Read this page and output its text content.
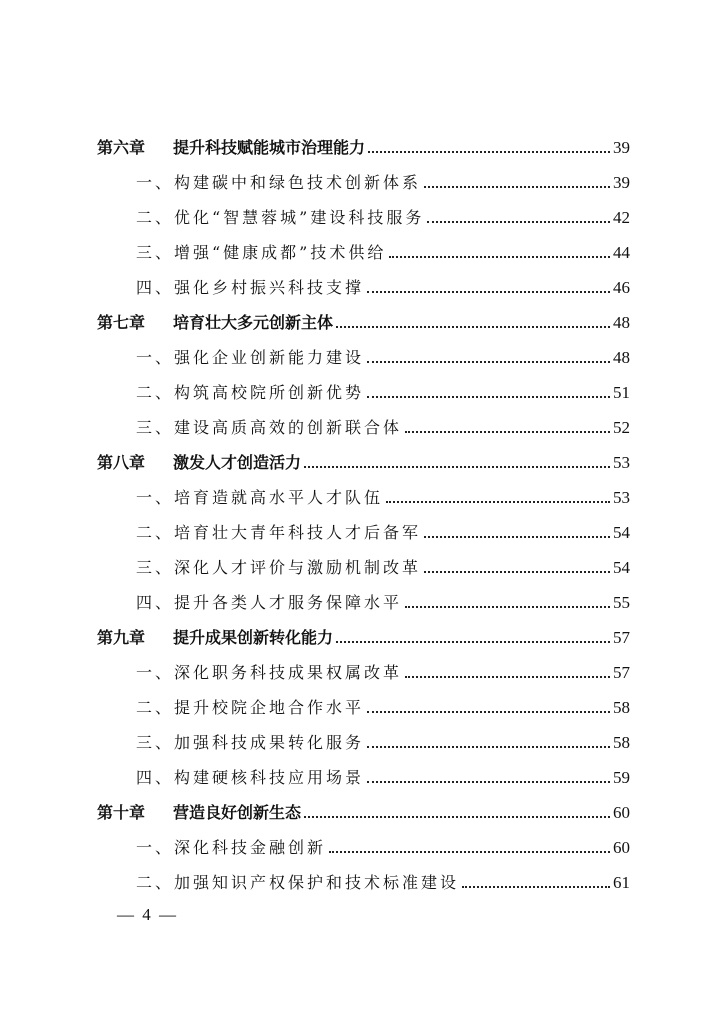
第六章	提升科技赋能城市治理能力	39
一、构建碳中和绿色技术创新体系	39
二、优化“智慧蓉城”建设科技服务	42
三、增强“健康成都”技术供给	44
四、强化乡村振兴科技支撑	46
第七章	培育壮大多元创新主体	48
一、强化企业创新能力建设	48
二、构筑高校院所创新优势	51
三、建设高质高效的创新联合体	52
第八章	激发人才创造活力	53
一、培育造就高水平人才队伍	53
二、培育壮大青年科技人才后备军	54
三、深化人才评价与激励机制改革	54
四、提升各类人才服务保障水平	55
第九章	提升成果创新转化能力	57
一、深化职务科技成果权属改革	57
二、提升校院企地合作水平	58
三、加强科技成果转化服务	58
四、构建硬核科技应用场景	59
第十章	营造良好创新生态	60
一、深化科技金融创新	60
二、加强知识产权保护和技术标准建设	61
— 4 —
